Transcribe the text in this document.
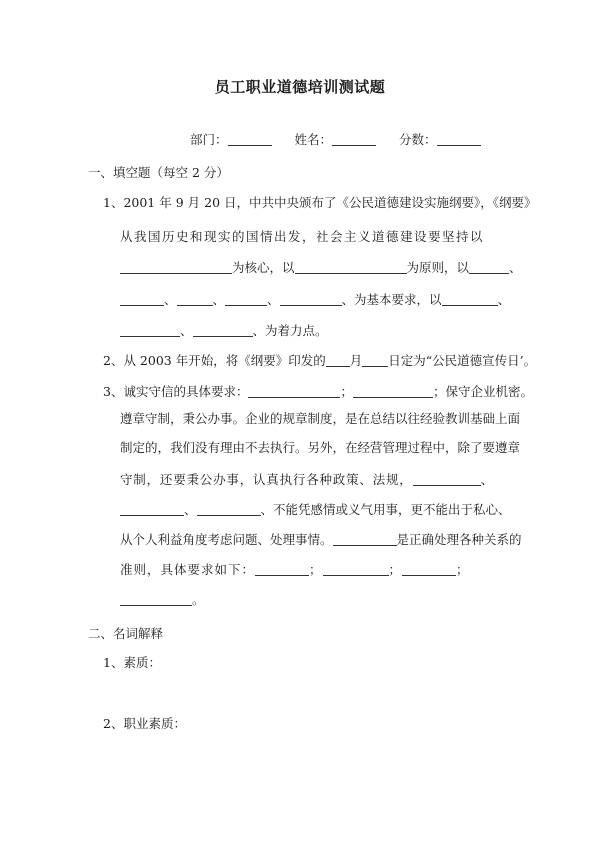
员工职业道德培训测试题
部门：	姓名：	分数：
一、填空题（每空 2 分）
1、2001 年 9 月 20 日，中共中央颁布了《公民道德建设实施纲要》，《纲要》
从我国历史和现实的国情出发，社会主义道德建设要坚持以
为核心，以	为原则，以	、
、	、	、	、为基本要求，以	、
、	、为着力点。
2、从 2003 年开始，将《纲要》印发的 月 日定为“公民道德宣传日’。
3、诚实守信的具体要求：	；	；保守企业机密。
遵章守制，秉公办事。企业的规章制度，是在总结以往经验教训基础上面
制定的，我们没有理由不去执行。另外，在经营管理过程中，除了要遵章
守制，还要秉公办事，认真执行各种政策、法规，	、
、	、不能凭感情或义气用事，更不能出于私心、
从个人利益角度考虑问题、处理事情。	是正确处理各种关系的
准则，具体要求如下：	；	；	；
。
二、名词解释
1、素质：
2、职业素质：
